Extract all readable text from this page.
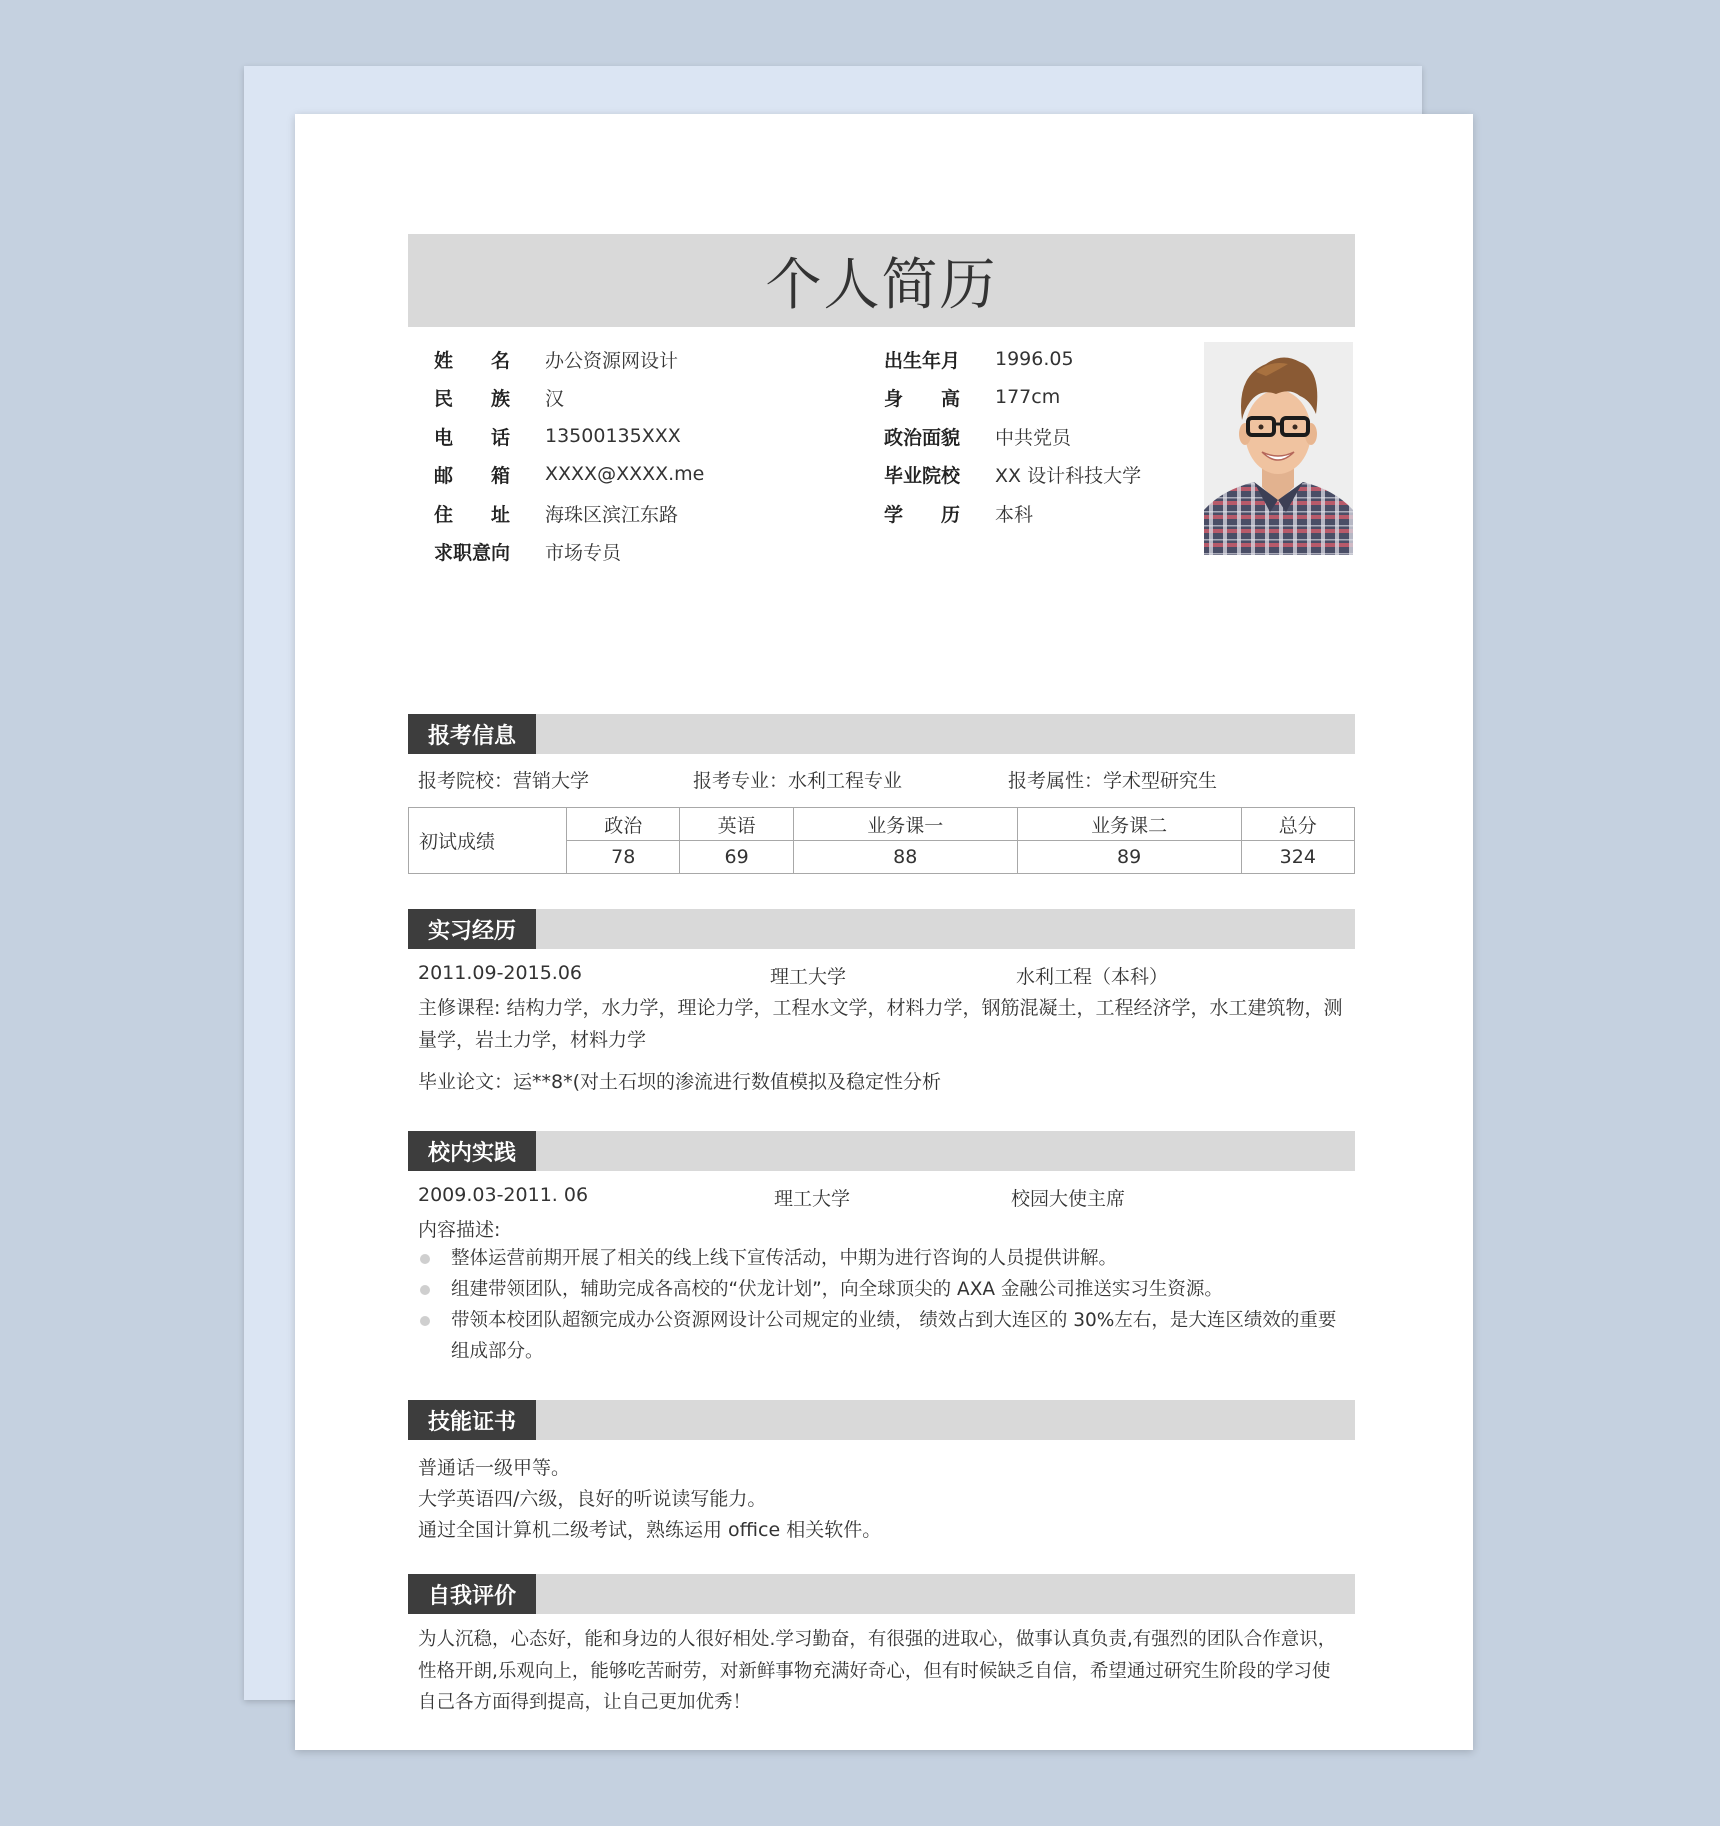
个人简历
姓 名 办公资源网设计
民 族 汉
电 话 13500135XXX
邮 箱 XXXX@XXXX.me
住 址 海珠区滨江东路
求职意向 市场专员
出生年月 1996.05
身 高 177cm
政治面貌 中共党员
毕业院校 XX 设计科技大学
学 历 本科
报考信息
报考院校：营销大学	报考专业：水利工程专业	报考属性：学术型研究生
初试成绩	政治	英语	业务课一	业务课二	总分
	78	69	88	89	324
实习经历
2011.09-2015.06	理工大学	水利工程（本科）
主修课程: 结构力学，水力学，理论力学，工程水文学，材料力学，钢筋混凝土，工程经济学，水工建筑物，测量学，岩土力学，材料力学
毕业论文：运**8*(对土石坝的渗流进行数值模拟及稳定性分析
校内实践
2009.03-2011. 06	理工大学	校园大使主席
内容描述:
整体运营前期开展了相关的线上线下宣传活动，中期为进行咨询的人员提供讲解。
组建带领团队，辅助完成各高校的“伏龙计划”，向全球顶尖的 AXA 金融公司推送实习生资源。
带领本校团队超额完成办公资源网设计公司规定的业绩， 绩效占到大连区的 30%左右，是大连区绩效的重要组成部分。
技能证书
普通话一级甲等。
大学英语四/六级，良好的听说读写能力。
通过全国计算机二级考试，熟练运用 office 相关软件。
自我评价
为人沉稳，心态好，能和身边的人很好相处.学习勤奋，有很强的进取心，做事认真负责,有强烈的团队合作意识，性格开朗,乐观向上，能够吃苦耐劳，对新鲜事物充满好奇心，但有时候缺乏自信，希望通过研究生阶段的学习使自己各方面得到提高，让自己更加优秀！
